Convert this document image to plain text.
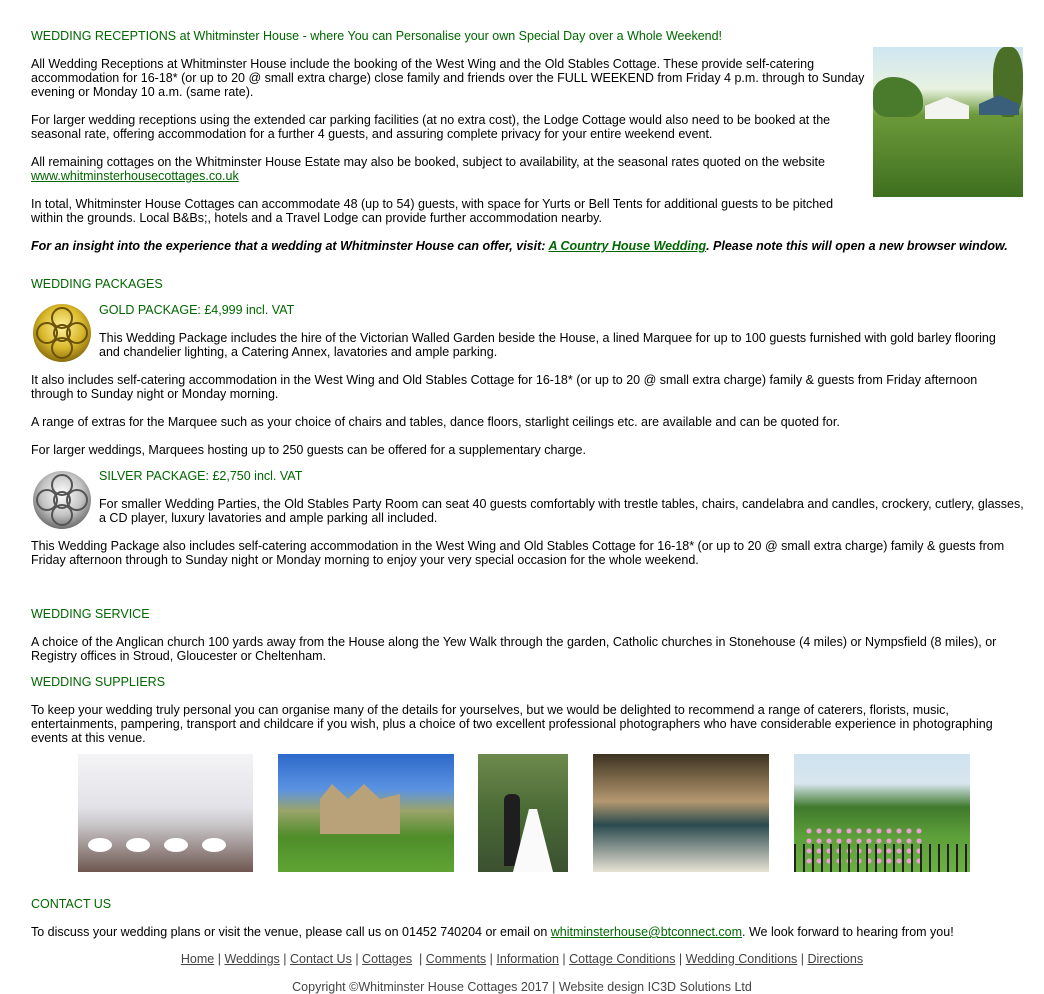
WEDDING RECEPTIONS at Whitminster House - where You can Personalise your own Special Day over a Whole Weekend!

All Wedding Receptions at Whitminster House include the booking of the West Wing and the Old Stables Cottage. These provide self-catering accommodation for 16-18* (or up to 20 @ small extra charge) close family and friends over the FULL WEEKEND from Friday 4 p.m. through to Sunday evening or Monday 10 a.m. (same rate).

For larger wedding receptions using the extended car parking facilities (at no extra cost), the Lodge Cottage would also need to be booked at the seasonal rate, offering accommodation for a further 4 guests, and assuring complete privacy for your entire weekend event.

All remaining cottages on the Whitminster House Estate may also be booked, subject to availability, at the seasonal rates quoted on the website
www.whitminsterhousecottages.co.uk

In total, Whitminster House Cottages can accommodate 48 (up to 54) guests, with space for Yurts or Bell Tents for additional guests to be pitched within the grounds. Local B&Bs;, hotels and a Travel Lodge can provide further accommodation nearby.

For an insight into the experience that a wedding at Whitminster House can offer, visit: A Country House Wedding. Please note this will open a new browser window.

WEDDING PACKAGES

GOLD PACKAGE: £4,999 incl. VAT

This Wedding Package includes the hire of the Victorian Walled Garden beside the House, a lined Marquee for up to 100 guests furnished with gold barley flooring and chandelier lighting, a Catering Annex, lavatories and ample parking.

It also includes self-catering accommodation in the West Wing and Old Stables Cottage for 16-18* (or up to 20 @ small extra charge) family & guests from Friday afternoon through to Sunday night or Monday morning.

A range of extras for the Marquee such as your choice of chairs and tables, dance floors, starlight ceilings etc. are available and can be quoted for.

For larger weddings, Marquees hosting up to 250 guests can be offered for a supplementary charge.

SILVER PACKAGE: £2,750 incl. VAT

For smaller Wedding Parties, the Old Stables Party Room can seat 40 guests comfortably with trestle tables, chairs, candelabra and candles, crockery, cutlery, glasses, a CD player, luxury lavatories and ample parking all included.

This Wedding Package also includes self-catering accommodation in the West Wing and Old Stables Cottage for 16-18* (or up to 20 @ small extra charge) family & guests from Friday afternoon through to Sunday night or Monday morning to enjoy your very special occasion for the whole weekend.

WEDDING SERVICE

A choice of the Anglican church 100 yards away from the House along the Yew Walk through the garden, Catholic churches in Stonehouse (4 miles) or Nympsfield (8 miles), or Registry offices in Stroud, Gloucester or Cheltenham.

WEDDING SUPPLIERS

To keep your wedding truly personal you can organise many of the details for yourselves, but we would be delighted to recommend a range of caterers, florists, music, entertainments, pampering, transport and childcare if you wish, plus a choice of two excellent professional photographers who have considerable experience in photographing events at this venue.

CONTACT US

To discuss your wedding plans or visit the venue, please call us on 01452 740204 or email on whitminsterhouse@btconnect.com. We look forward to hearing from you!

Home | Weddings | Contact Us | Cottages  | Comments | Information | Cottage Conditions | Wedding Conditions | Directions
Copyright ©Whitminster House Cottages 2017 | Website design IC3D Solutions Ltd
